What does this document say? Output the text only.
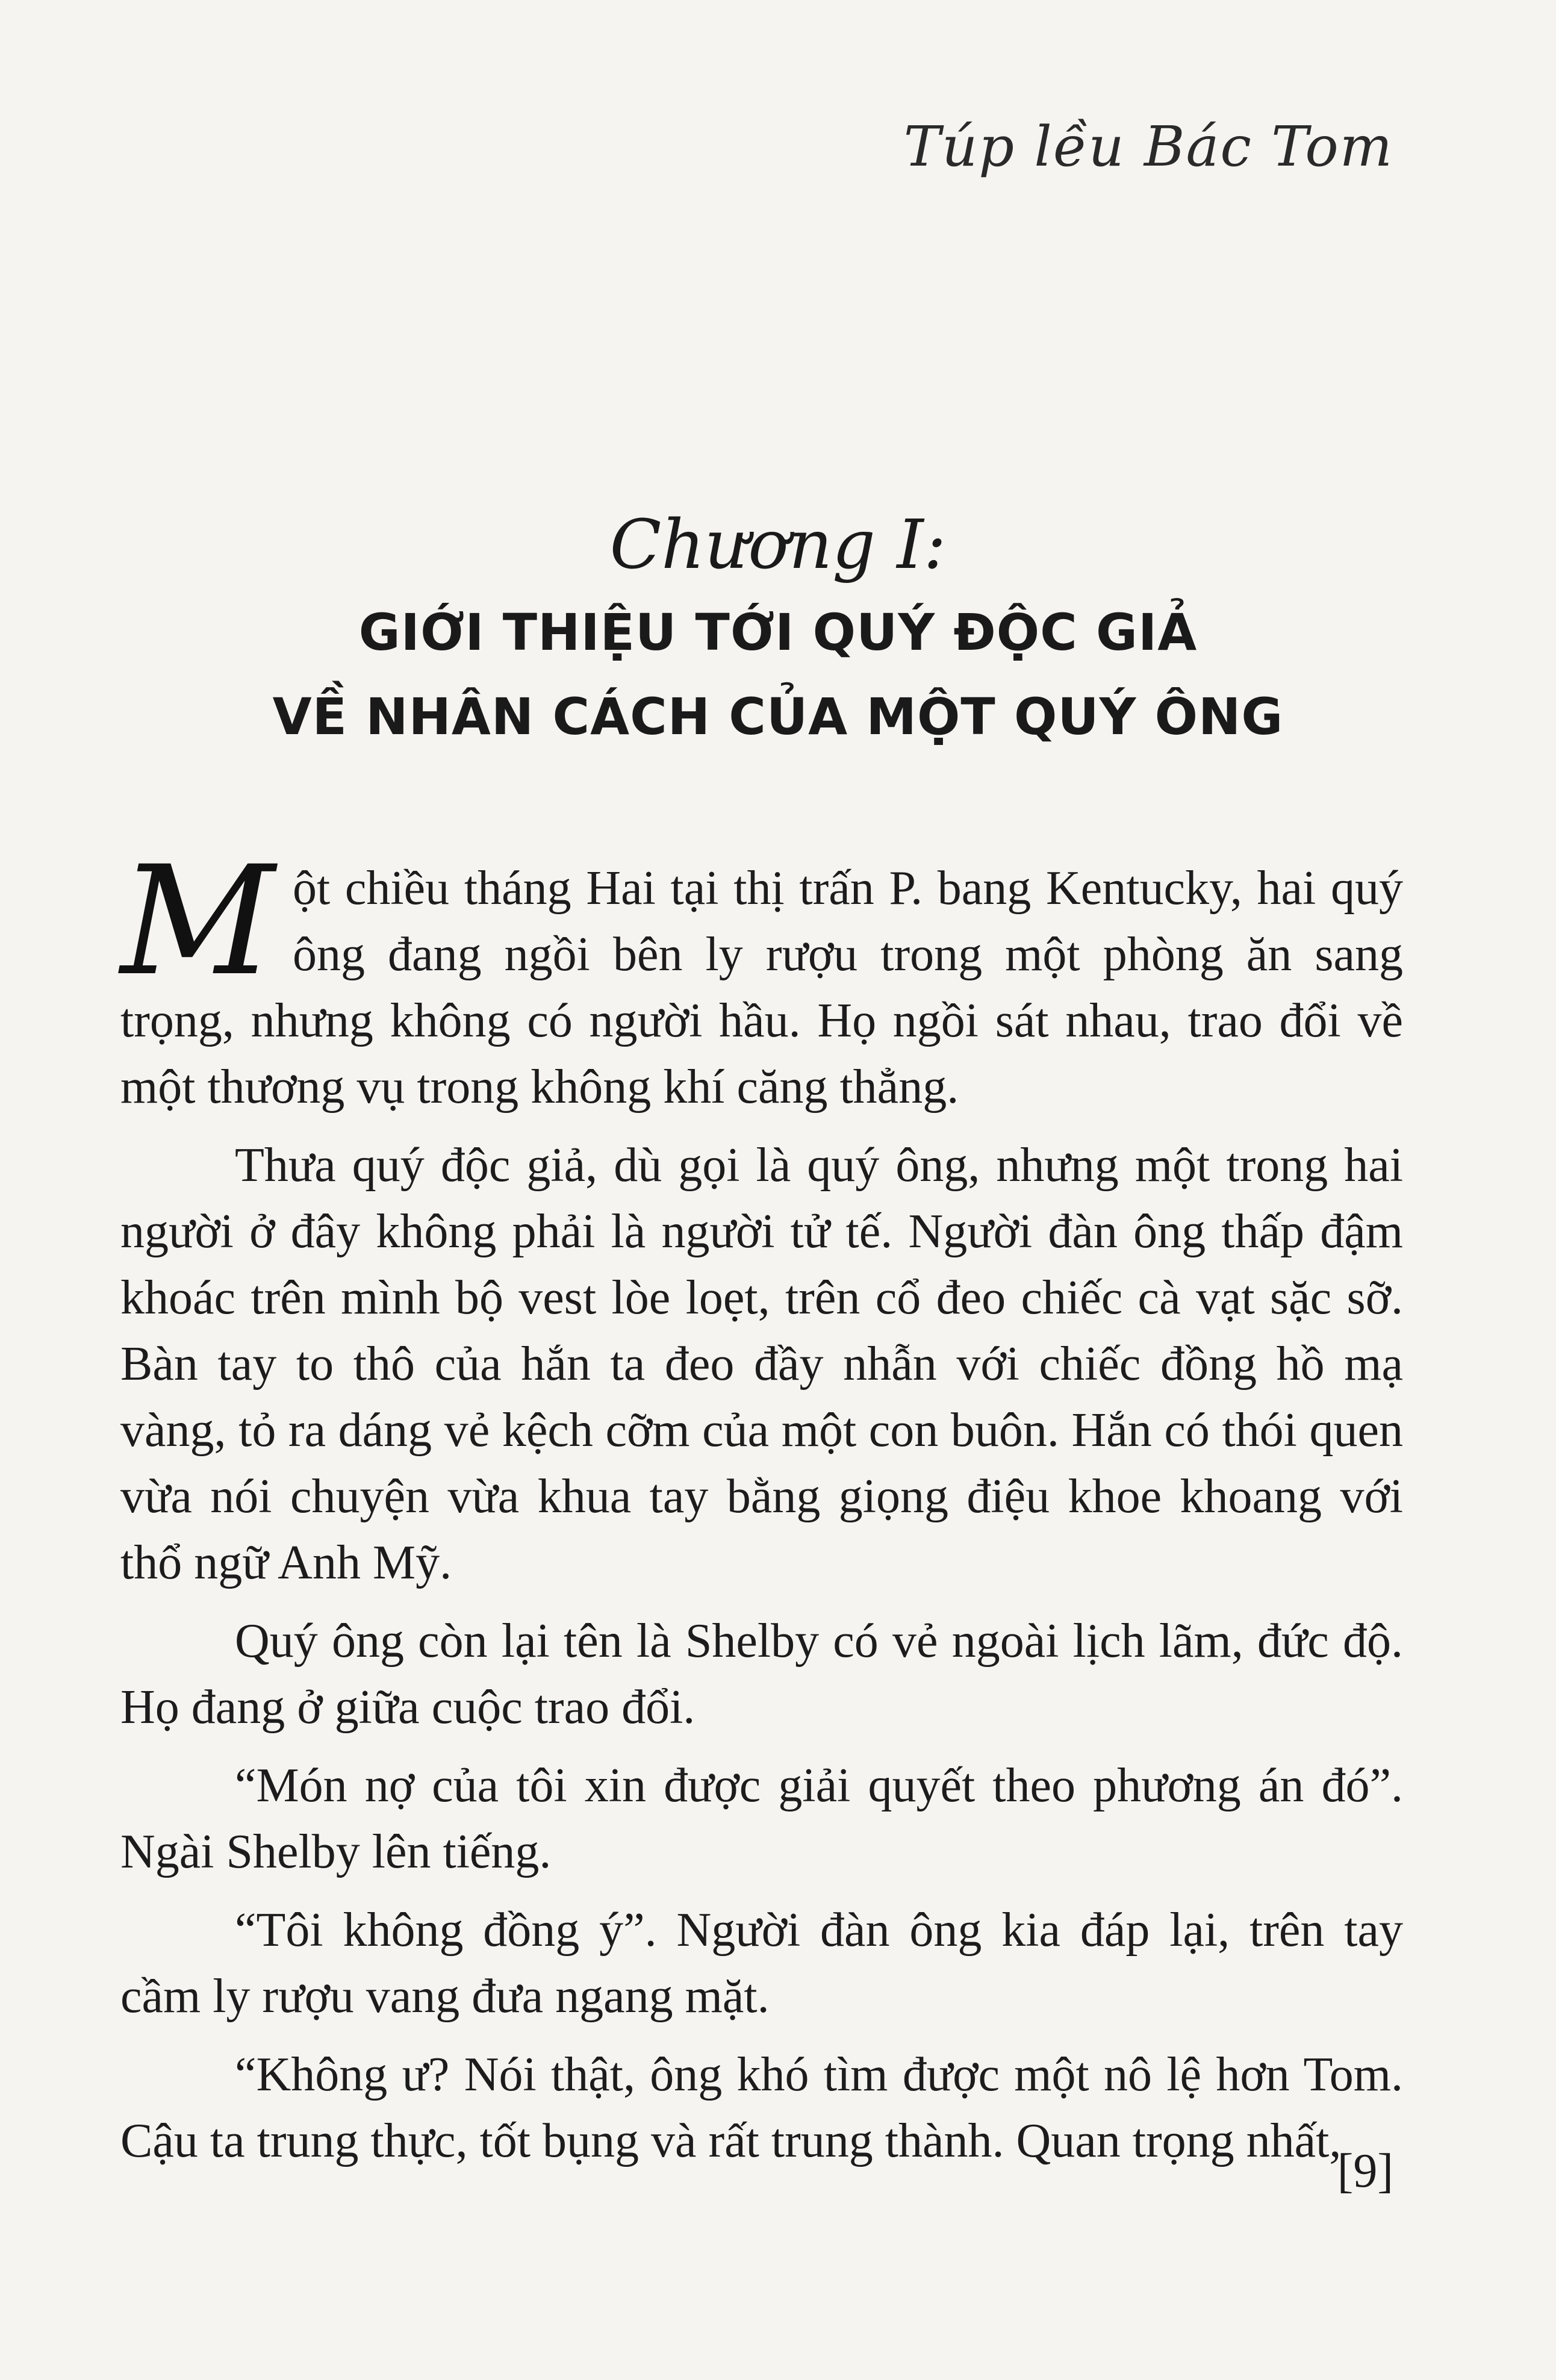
Túp lều Bác Tom
Chương I:
GIỚI THIỆU TỚI QUÝ ĐỘC GIẢ
VỀ NHÂN CÁCH CỦA MỘT QUÝ ÔNG

Một chiều tháng Hai tại thị trấn P. bang Kentucky, hai quý ông đang ngồi bên ly rượu trong một phòng ăn sang trọng, nhưng không có người hầu. Họ ngồi sát nhau, trao đổi về một thương vụ trong không khí căng thẳng.

Thưa quý độc giả, dù gọi là quý ông, nhưng một trong hai người ở đây không phải là người tử tế. Người đàn ông thấp đậm khoác trên mình bộ vest lòe loẹt, trên cổ đeo chiếc cà vạt sặc sỡ. Bàn tay to thô của hắn ta đeo đầy nhẫn với chiếc đồng hồ mạ vàng, tỏ ra dáng vẻ kệch cỡm của một con buôn. Hắn có thói quen vừa nói chuyện vừa khua tay bằng giọng điệu khoe khoang với thổ ngữ Anh Mỹ.

Quý ông còn lại tên là Shelby có vẻ ngoài lịch lãm, đức độ. Họ đang ở giữa cuộc trao đổi.

“Món nợ của tôi xin được giải quyết theo phương án đó”. Ngài Shelby lên tiếng.

“Tôi không đồng ý”. Người đàn ông kia đáp lại, trên tay cầm ly rượu vang đưa ngang mặt.

“Không ư? Nói thật, ông khó tìm được một nô lệ hơn Tom. Cậu ta trung thực, tốt bụng và rất trung thành. Quan trọng nhất,

[9]
